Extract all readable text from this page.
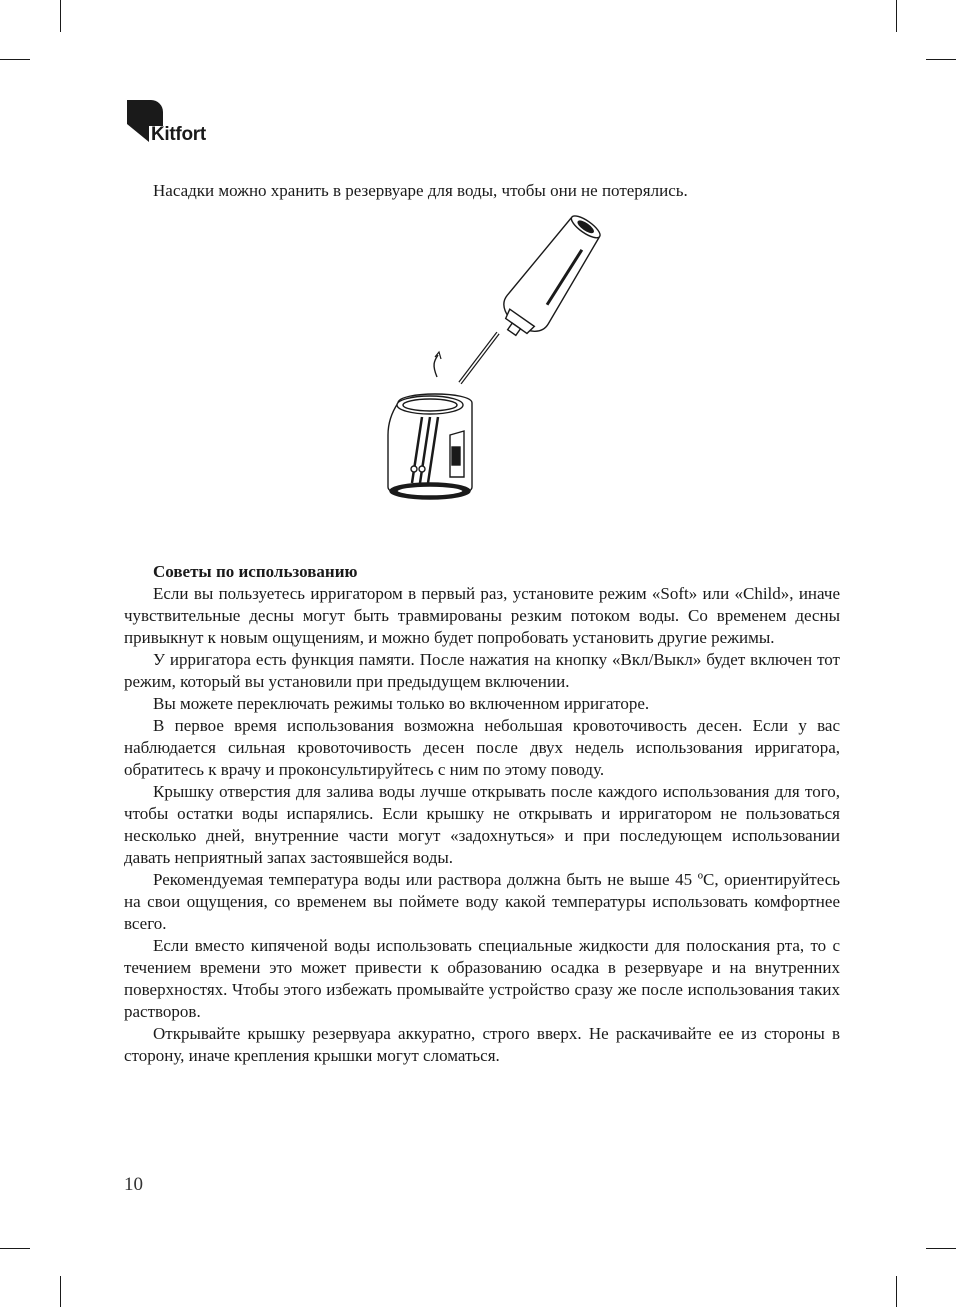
Kitfort
Насадки можно хранить в резервуаре для воды, чтобы они не потерялись.
Советы по использованию

Если вы пользуетесь ирригатором в первый раз, установите режим «Soft» или «Child», иначе чувствительные десны могут быть травмированы резким потоком воды. Со временем десны привыкнут к новым ощущениям, и можно будет попробовать установить другие режимы.

У ирригатора есть функция памяти. После нажатия на кнопку «Вкл/Выкл» будет включен тот режим, который вы установили при предыдущем включении.

Вы можете переключать режимы только во включенном ирригаторе.

В первое время использования возможна небольшая кровоточивость десен. Если у вас наблюдается сильная кровоточивость десен после двух недель использования ирригатора, обратитесь к врачу и проконсультируйтесь с ним по этому поводу.

Крышку отверстия для залива воды лучше открывать после каждого использования для того, чтобы остатки воды испарялись. Если крышку не открывать и ирригатором не пользоваться несколько дней, внутренние части могут «задохнуться» и при последующем использовании давать неприятный запах застоявшейся воды.

Рекомендуемая температура воды или раствора должна быть не выше 45 ºC, ориентируйтесь на свои ощущения, со временем вы поймете воду какой температуры использовать комфортнее всего.

Если вместо кипяченой воды использовать специальные жидкости для полоскания рта, то с течением времени это может привести к образованию осадка в резервуаре и на внутренних поверхностях. Чтобы этого избежать промывайте устройство сразу же после использования таких растворов.

Открывайте крышку резервуара аккуратно, строго вверх. Не раскачивайте ее из стороны в сторону, иначе крепления крышки могут сломаться.

10
